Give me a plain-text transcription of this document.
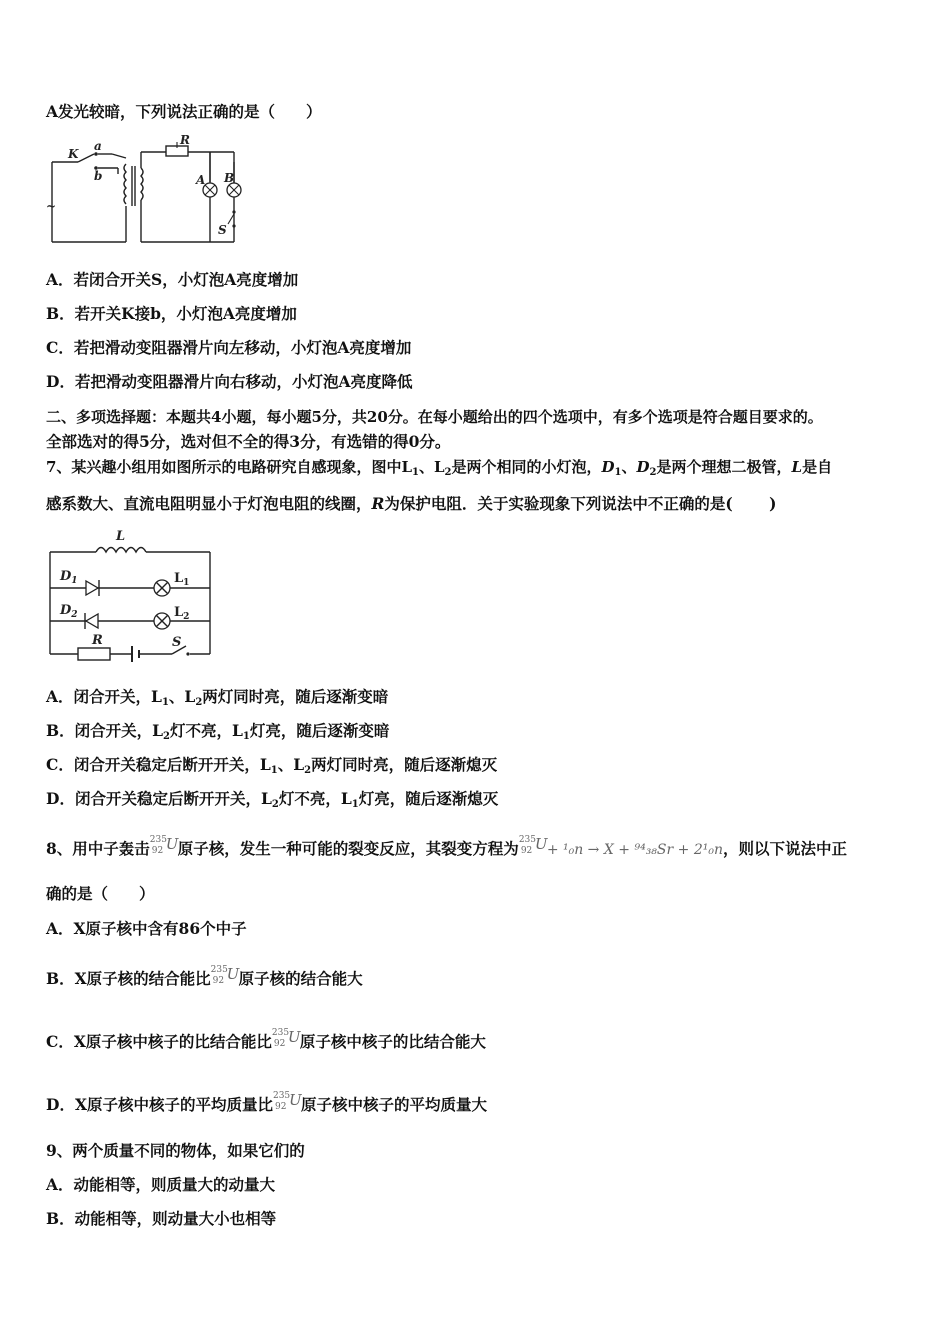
A发光较暗，下列说法正确的是（　　）
K
a
b
R
A B
S
~
A．若闭合开关S，小灯泡A亮度增加
B．若开关K接b，小灯泡A亮度增加
C．若把滑动变阻器滑片向左移动，小灯泡A亮度增加
D．若把滑动变阻器滑片向右移动，小灯泡A亮度降低
二、多项选择题：本题共4小题，每小题5分，共20分。在每小题给出的四个选项中，有多个选项是符合题目要求的。
全部选对的得5分，选对但不全的得3分，有选错的得0分。
7、某兴趣小组用如图所示的电路研究自感现象，图中$L_1$、$L_2$是两个相同的小灯泡，$D_1$、$D_2$是两个理想二极管，L是自
感系数大、直流电阻明显小于灯泡电阻的线圈，R为保护电阻．关于实验现象下列说法中不正确的是(　　 )
L
$D_1$
$D_2$
R	S
$L_1$
$L_2$
A．闭合开关，$L_1$、$L_2$两灯同时亮，随后逐渐变暗
B．闭合开关，$L_2$灯不亮，$L_1$灯亮，随后逐渐变暗
C．闭合开关稳定后断开开关，$L_1$、$L_2$两灯同时亮，随后逐渐熄灭
D．闭合开关稳定后断开开关，$L_2$灯不亮，$L_1$灯亮，随后逐渐熄灭
8、用中子轰击 235
92 U 原子核，发生一种可能的裂变反应，其裂变方程为 235
92 U + ¹₀n → X + ⁹⁴₃₈Sr + 2¹₀n，则以下说法中正
确的是（　　）
A．X原子核中含有86个中子
B．X原子核的结合能比 235
92 U 原子核的结合能大
C．X原子核中核子的比结合能比 235
92 U 原子核中核子的比结合能大
D．X原子核中核子的平均质量比 235
92 U 原子核中核子的平均质量大
9、两个质量不同的物体，如果它们的
A．动能相等，则质量大的动量大
B．动能相等，则动量大小也相等
